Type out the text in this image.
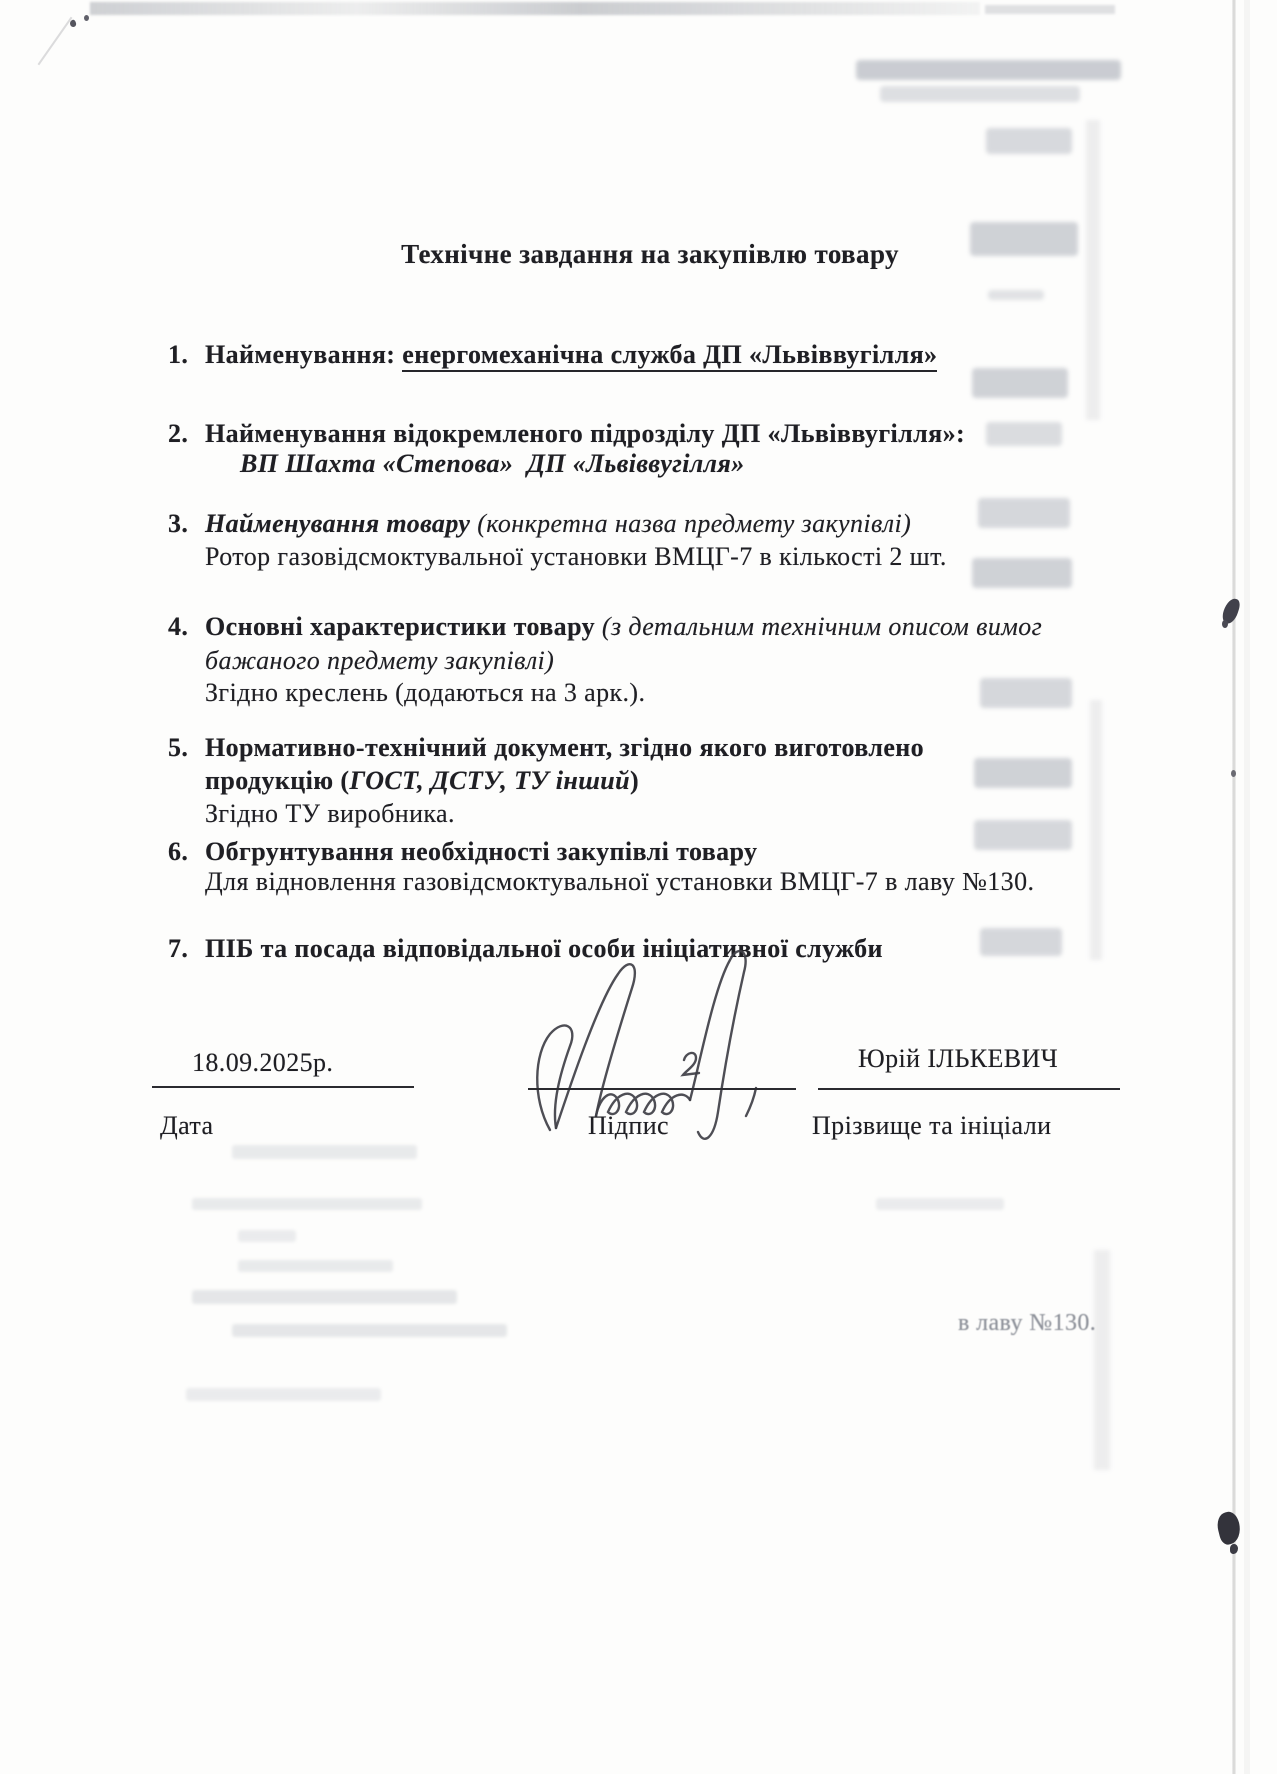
в лаву №130.
Технічне завдання на закупівлю товару
1. Найменування: енергомеханічна служба ДП «Львіввугілля»
2. Найменування відокремленого підрозділу ДП «Львіввугілля»:
ВП Шахта «Степова»  ДП «Львіввугілля»
3. Найменування товару (конкретна назва предмету закупівлі)
Ротор газовідсмоктувальної установки ВМЦГ-7 в кількості 2 шт.
4. Основні характеристики товару (з детальним технічним описом вимог
бажаного предмету закупівлі)
Згідно креслень (додаються на 3 арк.).
5. Нормативно-технічний документ, згідно якого виготовлено
продукцію (ГОСТ, ДСТУ, ТУ інший)
Згідно ТУ виробника.
6. Обгрунтування необхідності закупівлі товару
Для відновлення газовідсмоктувальної установки ВМЦГ-7 в лаву №130.
7. ПІБ та посада відповідальної особи ініціативної служби
18.09.2025р.	Юрій ІЛЬКЕВИЧ
Дата	Підпис	Прізвище та ініціали
